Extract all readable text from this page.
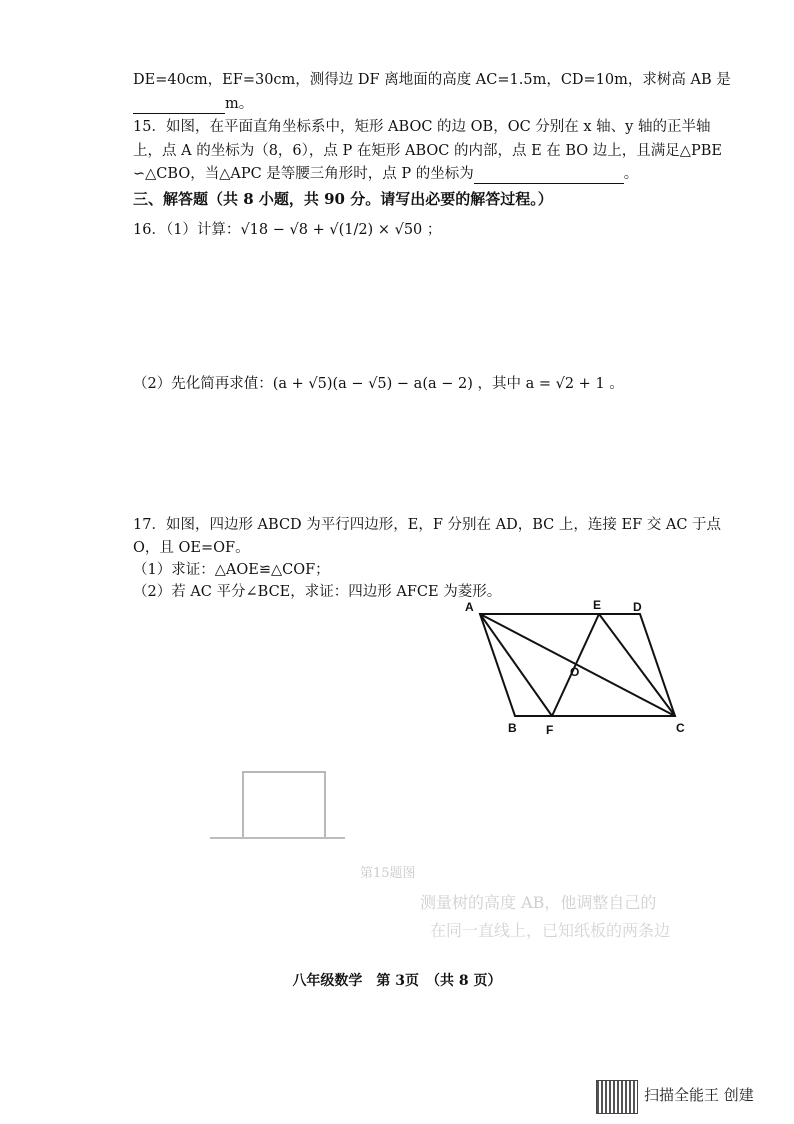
DE=40cm，EF=30cm，测得边 DF 离地面的高度 AC=1.5m，CD=10m，求树高 AB 是
m。
15．如图，在平面直角坐标系中，矩形 ABOC 的边 OB，OC 分别在 x 轴、y 轴的正半轴
上，点 A 的坐标为（8，6），点 P 在矩形 ABOC 的内部，点 E 在 BO 边上，且满足△PBE
∽△CBO，当△APC 是等腰三角形时，点 P 的坐标为	。
三、解答题（共 8 小题，共 90 分。请写出必要的解答过程。）
16．（1）计算：√18 − √8 + √(1/2) × √50 ；
（2）先化简再求值：(a + √5)(a − √5) − a(a − 2) ，其中 a = √2 + 1 。
17．如图，四边形 ABCD 为平行四边形，E，F 分别在 AD，BC 上，连接 EF 交 AC 于点
O，且 OE=OF。
（1）求证：△AOE≌△COF；
（2）若 AC 平分∠BCE，求证：四边形 AFCE 为菱形。
A	E	D
O
B F	C
第15题图
测量树的高度 AB，他调整自己的
在同一直线上，已知纸板的两条边
八年级数学　第 3页　（共 8 页）
扫描全能王 创建
